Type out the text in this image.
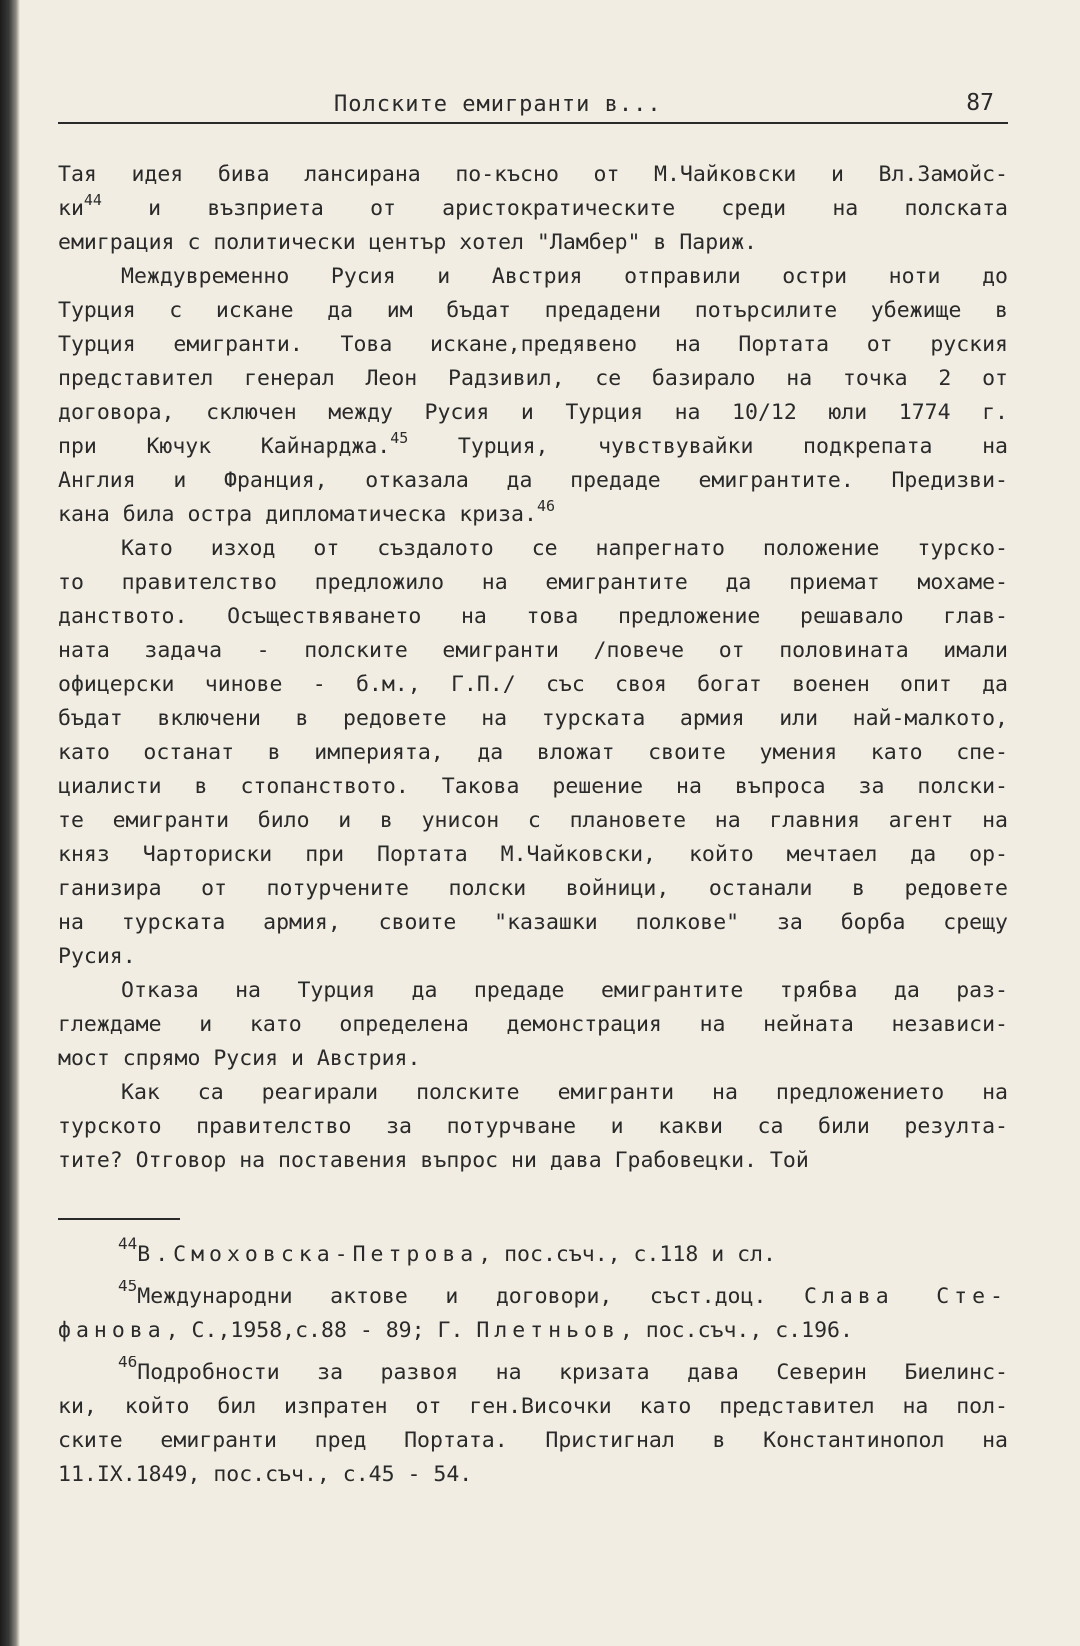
Полските емигранти в...	87
Тая идея бива лансирана по-късно от М.Чайковски и Вл.Замойс-
$ки^{44}$ и възприета от аристократическите среди на полската
емиграция с политически център хотел "Ламбер" в Париж.
Междувременно Русия и Австрия отправили остри ноти до
Турция с искане да им бъдат предадени потърсилите убежище в
Турция емигранти. Това искане,предявено на Портата от руския
представител генерал Леон Радзивил, се базирало на точка 2 от
договора, сключен между Русия и Турция на 10/12 юли 1774 г.
при Кючук Кайнарджа.$^{45}$ Турция, чувствувайки подкрепата на
Англия и Франция, отказала да предаде емигрантите. Предизви-
кана била остра дипломатическа криза.$^{46}$
Като изход от създалото се напрегнато положение турско-
то правителство предложило на емигрантите да приемат мохаме-
данството. Осъществяването на това предложение решавало глав-
ната задача - полските емигранти /повече от половината имали
офицерски чинове - б.м., Г.П./ със своя богат военен опит да
бъдат включени в редовете на турската армия или най-малкото,
като останат в империята, да вложат своите умения като спе-
циалисти в стопанството. Такова решение на въпроса за полски-
те емигранти било и в унисон с плановете на главния агент на
княз Чарториски при Портата М.Чайковски, който мечтаел да ор-
ганизира от потурчените полски войници, останали в редовете
на турската армия, своите "казашки полкове" за борба срещу
Русия.
Отказа на Турция да предаде емигрантите трябва да раз-
глеждаме и като определена демонстрация на нейната независи-
мост спрямо Русия и Австрия.
Как са реагирали полските емигранти на предложението на
турското правителство за потурчване и какви са били резулта-
тите? Отговор на поставения въпрос ни дава Грабовецки. Той
$^{44}$В.Смоховска-Петрова, пос.съч., с.118 и сл.
$^{45}$Международни актове и договори, съст.доц. Слава Сте-
фанова, С.,1958,с.88 - 89; Г. Плетньов, пос.съч., с.196.
$^{46}$Подробности за развоя на кризата дава Северин Биелинс-
ки, който бил изпратен от ген.Височки като представител на пол-
ските емигранти пред Портата. Пристигнал в Константинопол на
11.IX.1849, пос.съч., с.45 - 54.
